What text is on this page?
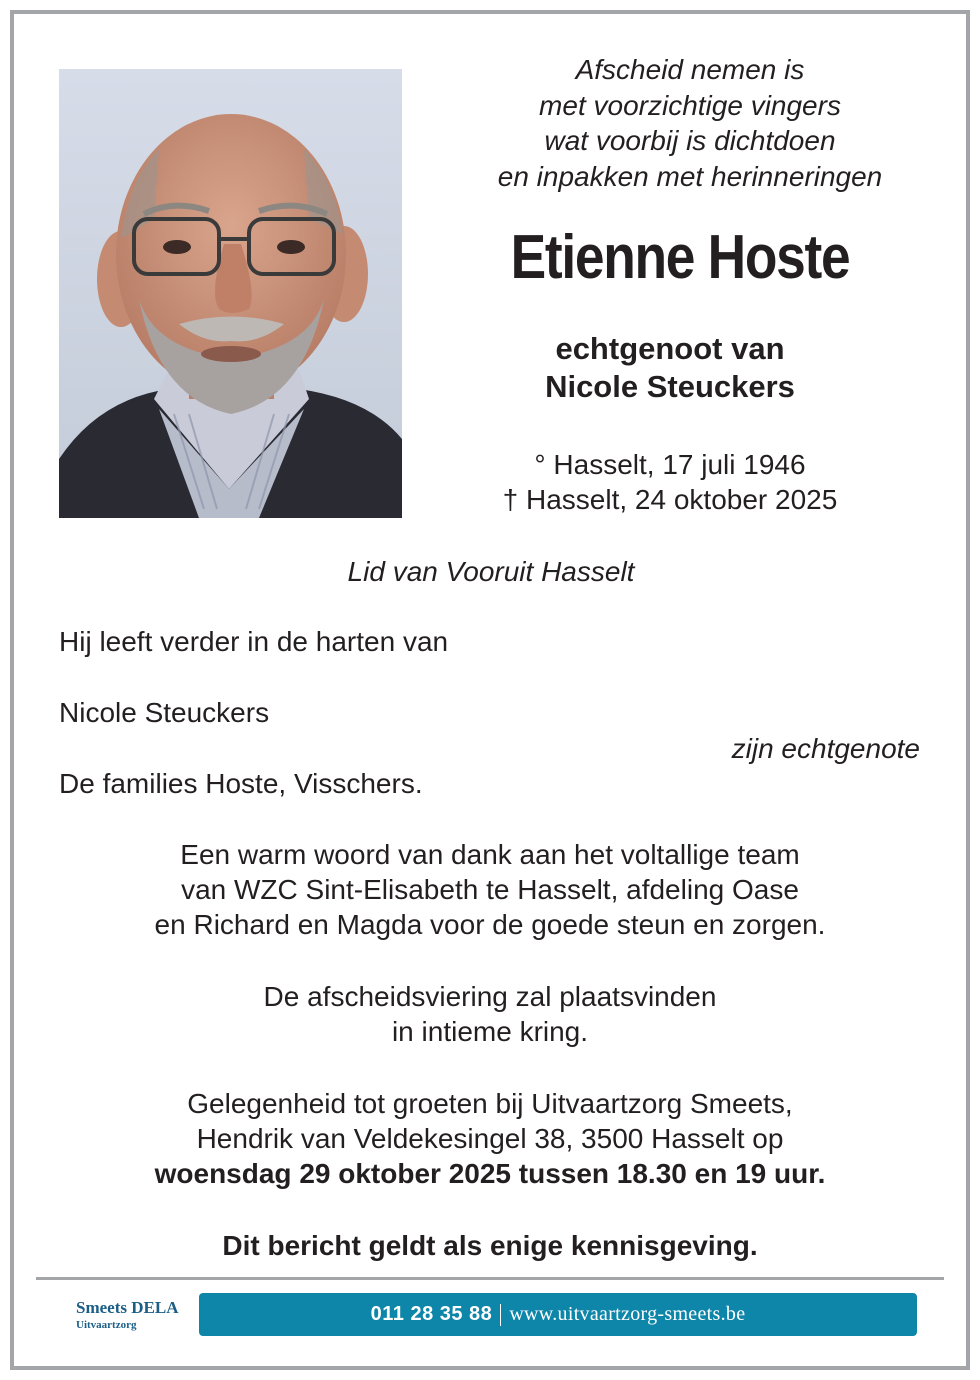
Afscheid nemen is
met voorzichtige vingers
wat voorbij is dichtdoen
en inpakken met herinneringen
Etienne Hoste
echtgenoot van
Nicole Steuckers
° Hasselt, 17 juli 1946
† Hasselt, 24 oktober 2025
Lid van Vooruit Hasselt
Hij leeft verder in de harten van
Nicole Steuckers
zijn echtgenote
De families Hoste, Visschers.
Een warm woord van dank aan het voltallige team
van WZC Sint-Elisabeth te Hasselt, afdeling Oase
en Richard en Magda voor de goede steun en zorgen.
De afscheidsviering zal plaatsvinden
in intieme kring.
Gelegenheid tot groeten bij Uitvaartzorg Smeets,
Hendrik van Veldekesingel 38, 3500 Hasselt op
woensdag 29 oktober 2025 tussen 18.30 en 19 uur.
Dit bericht geldt als enige kennisgeving.
Smeets DELA
Uitvaartzorg	011 28 35 88 www.uitvaartzorg-smeets.be
